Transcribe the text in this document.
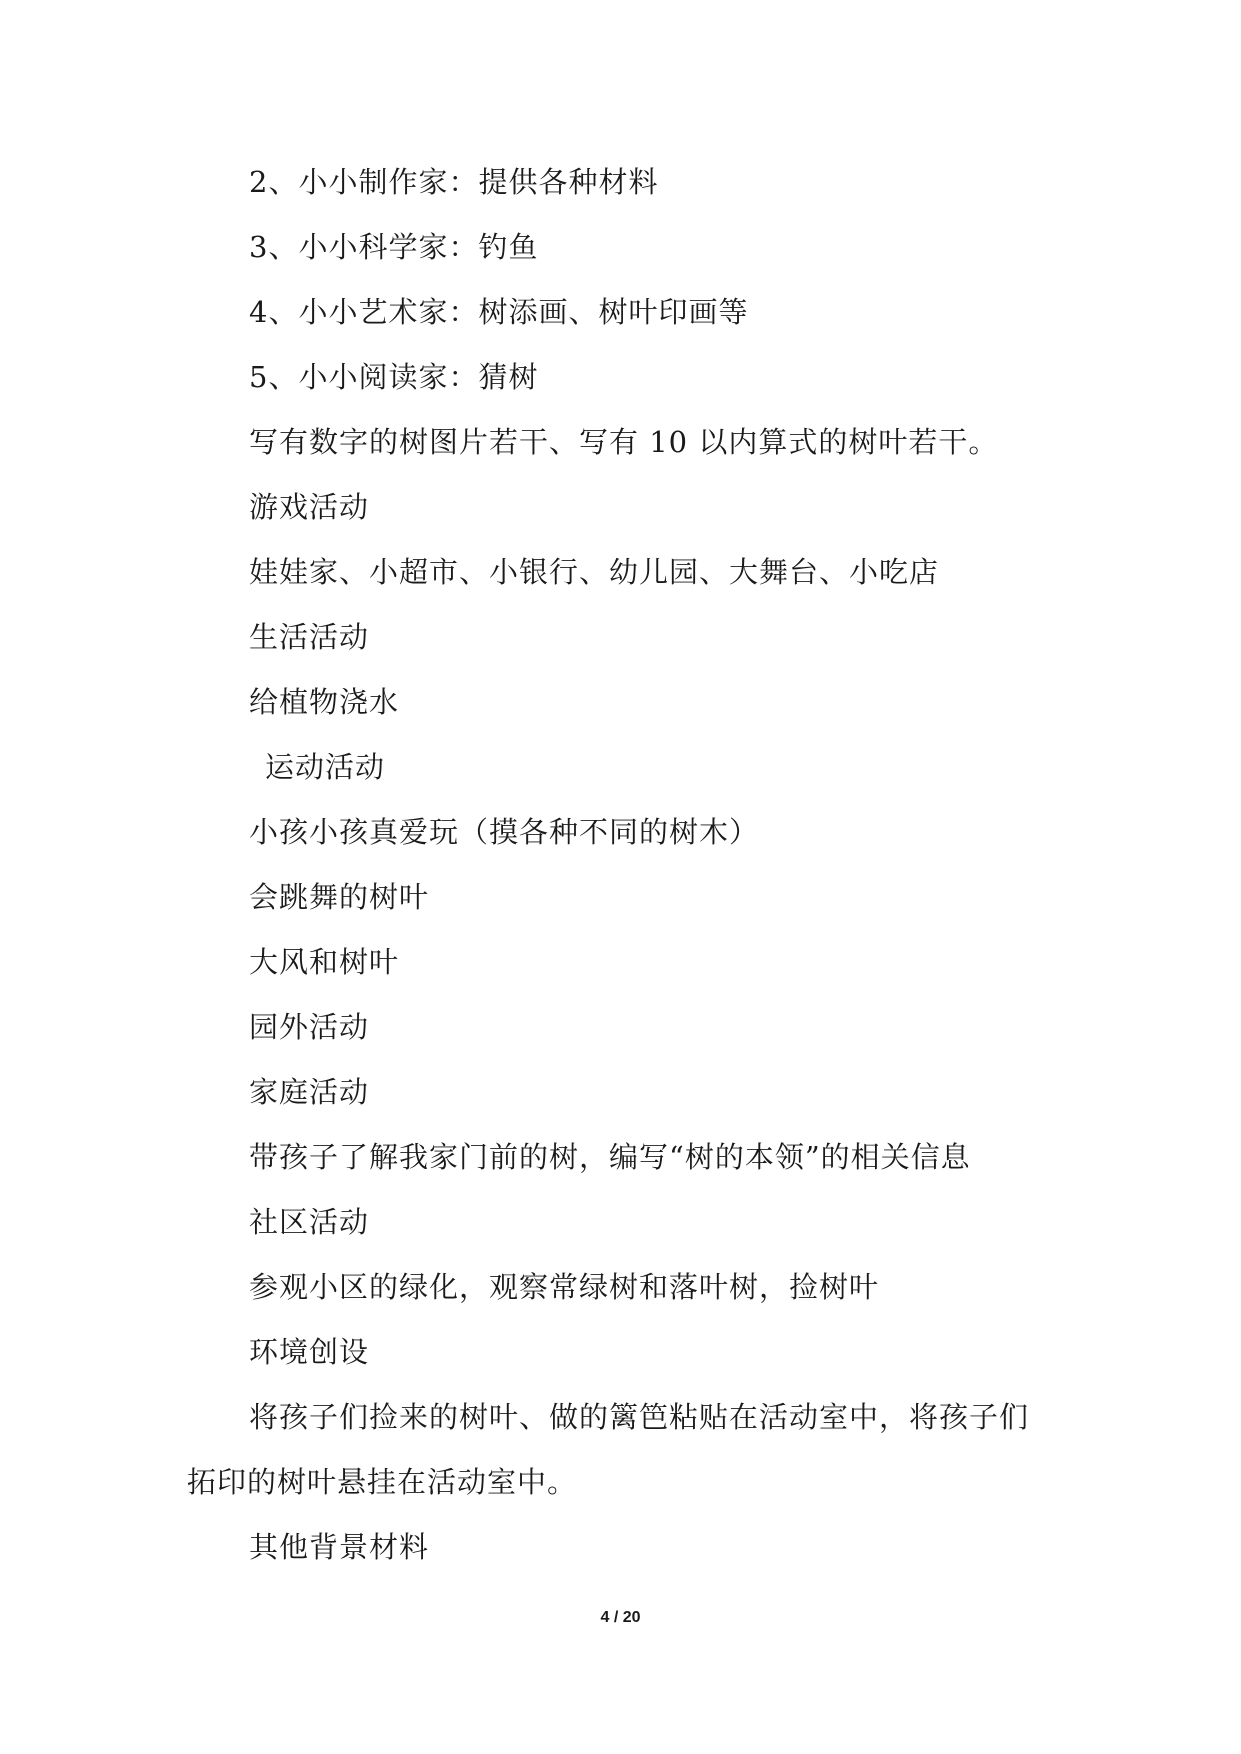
2、小小制作家：提供各种材料
3、小小科学家：钓鱼
4、小小艺术家：树添画、树叶印画等
5、小小阅读家：猜树
写有数字的树图片若干、写有 10 以内算式的树叶若干。
游戏活动
娃娃家、小超市、小银行、幼儿园、大舞台、小吃店
生活活动
给植物浇水
运动活动
小孩小孩真爱玩（摸各种不同的树木）
会跳舞的树叶
大风和树叶
园外活动
家庭活动
带孩子了解我家门前的树，编写“树的本领”的相关信息
社区活动
参观小区的绿化，观察常绿树和落叶树，捡树叶
环境创设
将孩子们捡来的树叶、做的篱笆粘贴在活动室中，将孩子们
拓印的树叶悬挂在活动室中。
其他背景材料
4 / 20
